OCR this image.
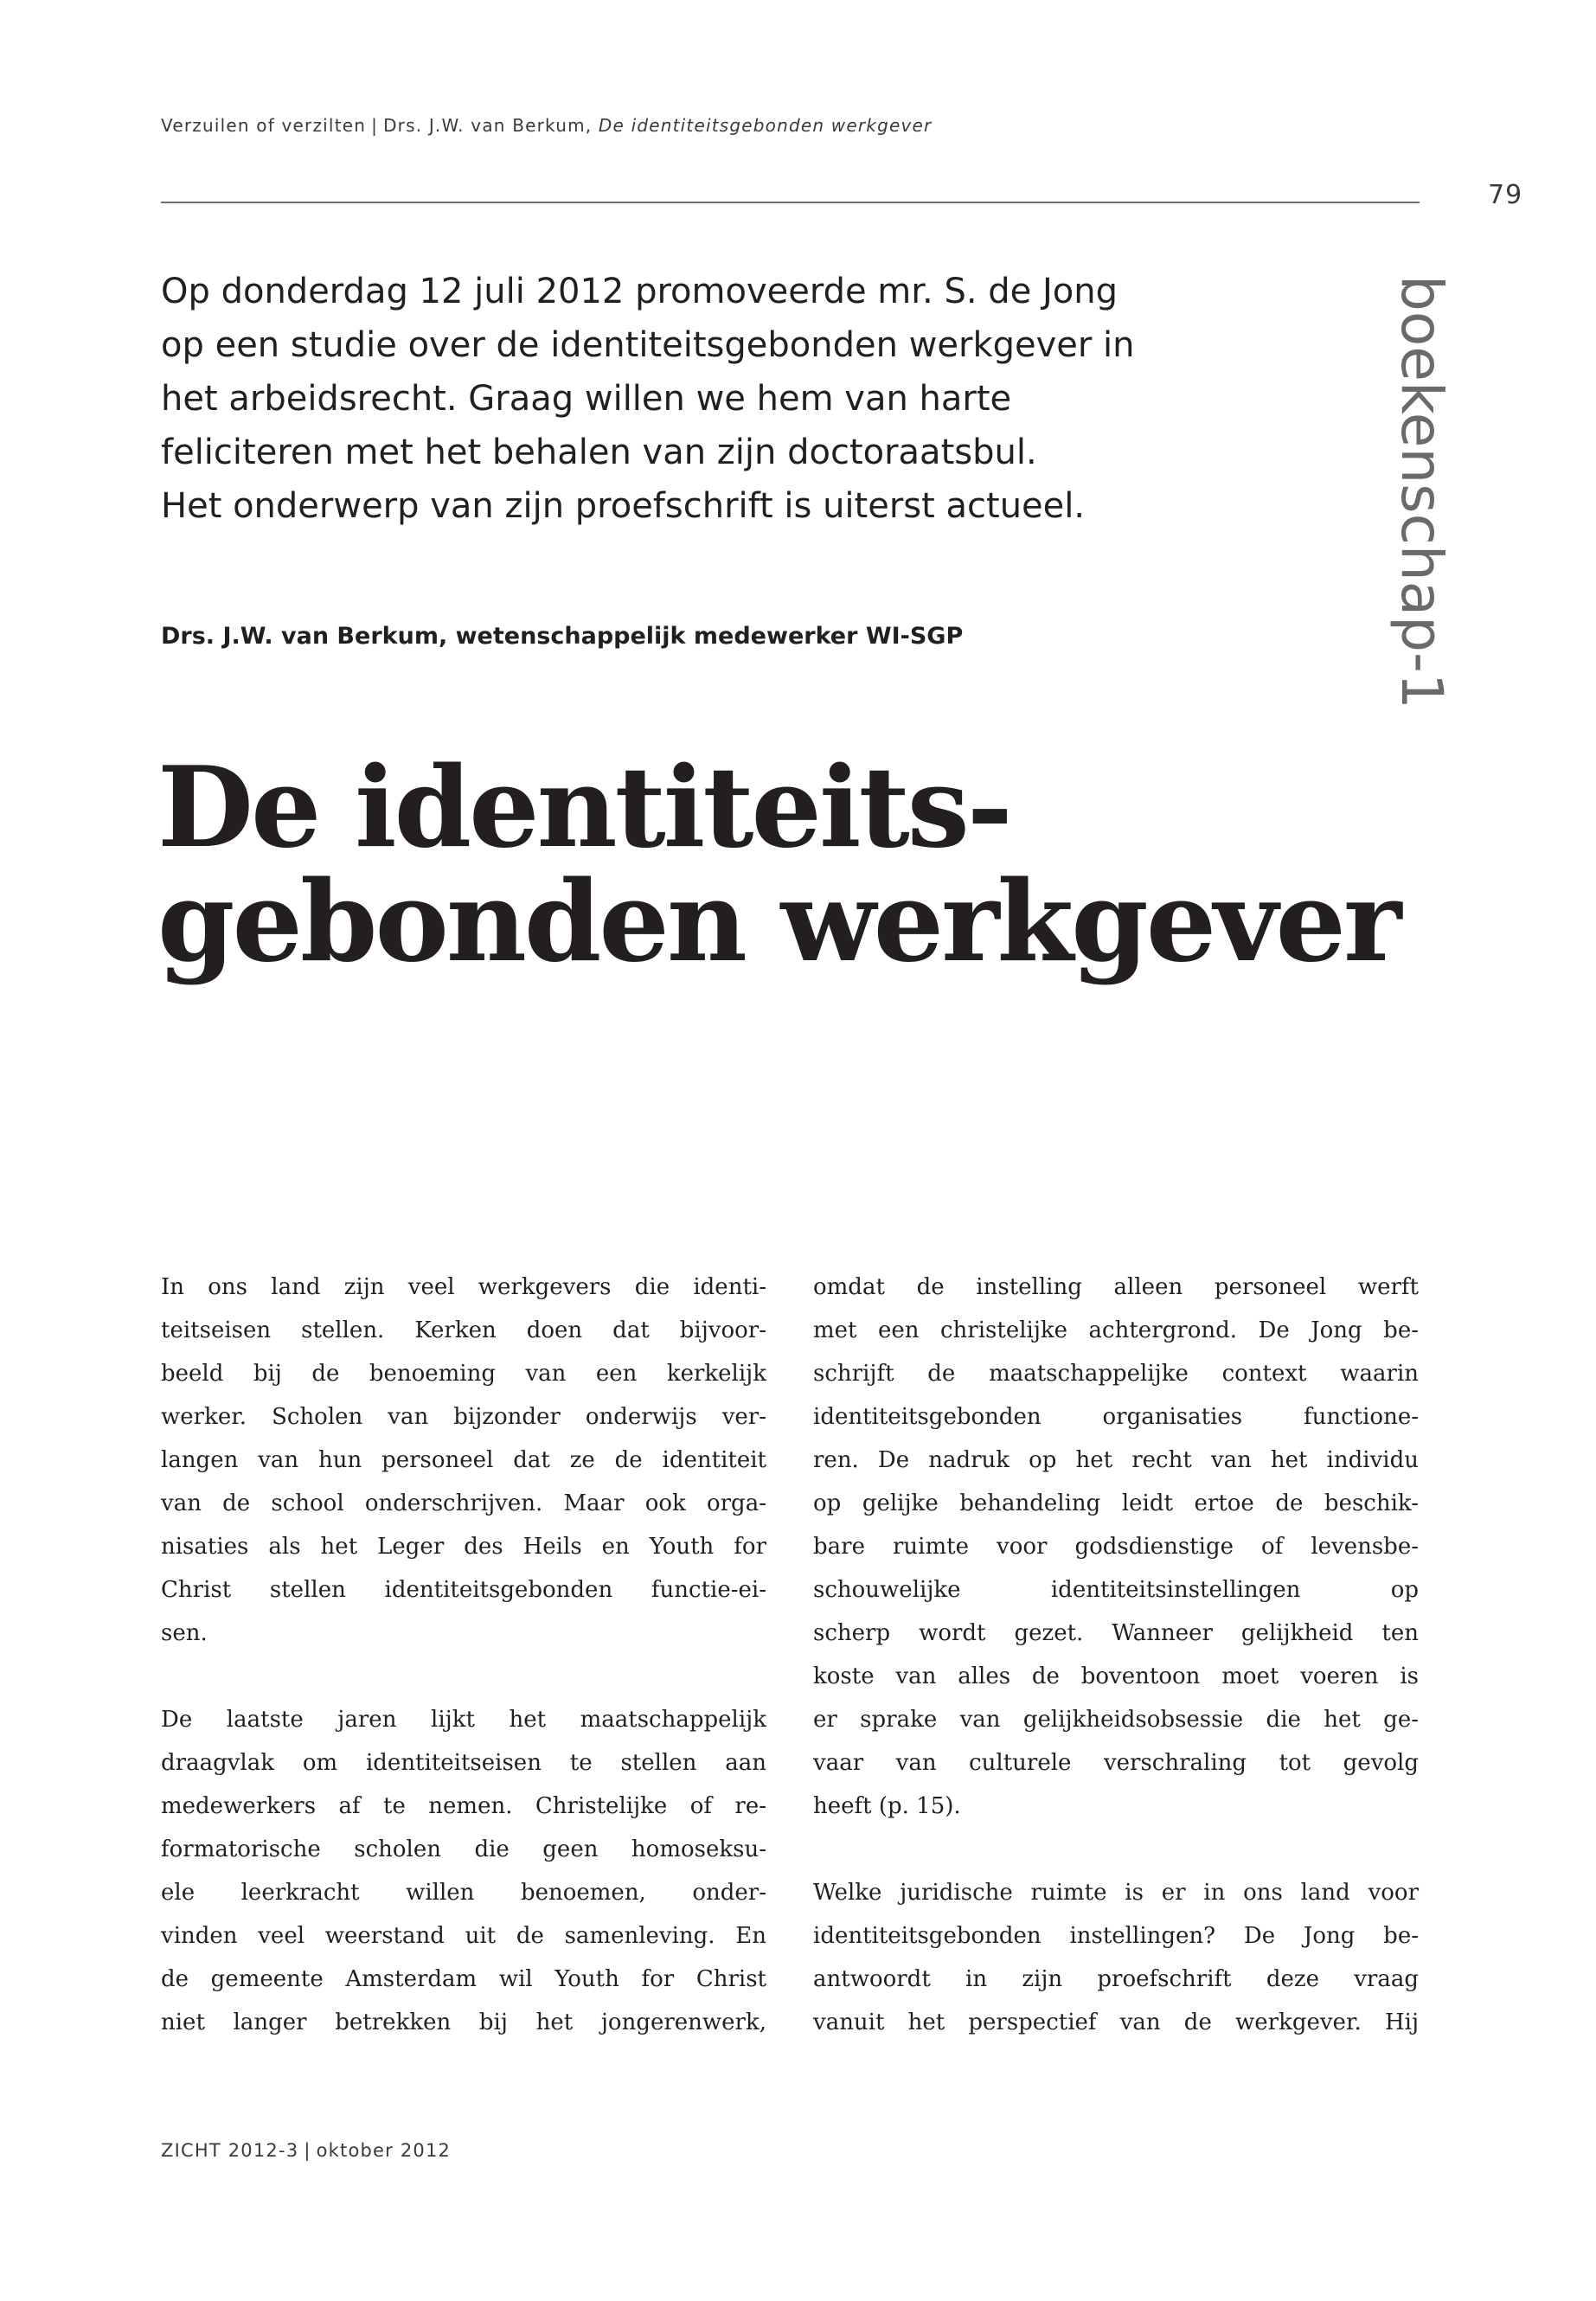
Verzuilen of verzilten | Drs. J.W. van Berkum, De identiteitsgebonden werkgever
79
boekenschap-1
Op donderdag 12 juli 2012 promoveerde mr. S. de Jong
op een studie over de identiteitsgebonden werkgever in
het arbeidsrecht. Graag willen we hem van harte
feliciteren met het behalen van zijn doctoraatsbul.
Het onderwerp van zijn proefschrift is uiterst actueel.
Drs. J.W. van Berkum, wetenschappelijk medewerker WI-SGP
De identiteits-
gebonden werkgever
In ons land zijn veel werkgevers die identi-
teitseisen stellen. Kerken doen dat bijvoor-
beeld bij de benoeming van een kerkelijk
werker. Scholen van bijzonder onderwijs ver-
langen van hun personeel dat ze de identiteit
van de school onderschrijven. Maar ook orga-
nisaties als het Leger des Heils en Youth for
Christ stellen identiteitsgebonden functie-ei-
sen.
De laatste jaren lijkt het maatschappelijk
draagvlak om identiteitseisen te stellen aan
medewerkers af te nemen. Christelijke of re-
formatorische scholen die geen homoseksu-
ele leerkracht willen benoemen, onder-
vinden veel weerstand uit de samenleving. En
de gemeente Amsterdam wil Youth for Christ
niet langer betrekken bij het jongerenwerk,
omdat de instelling alleen personeel werft
met een christelijke achtergrond. De Jong be-
schrijft de maatschappelijke context waarin
identiteitsgebonden organisaties functione-
ren. De nadruk op het recht van het individu
op gelijke behandeling leidt ertoe de beschik-
bare ruimte voor godsdienstige of levensbe-
schouwelijke identiteitsinstellingen op
scherp wordt gezet. Wanneer gelijkheid ten
koste van alles de boventoon moet voeren is
er sprake van gelijkheidsobsessie die het ge-
vaar van culturele verschraling tot gevolg
heeft (p. 15).
Welke juridische ruimte is er in ons land voor
identiteitsgebonden instellingen? De Jong be-
antwoordt in zijn proefschrift deze vraag
vanuit het perspectief van de werkgever. Hij
ZICHT 2012-3 | oktober 2012
